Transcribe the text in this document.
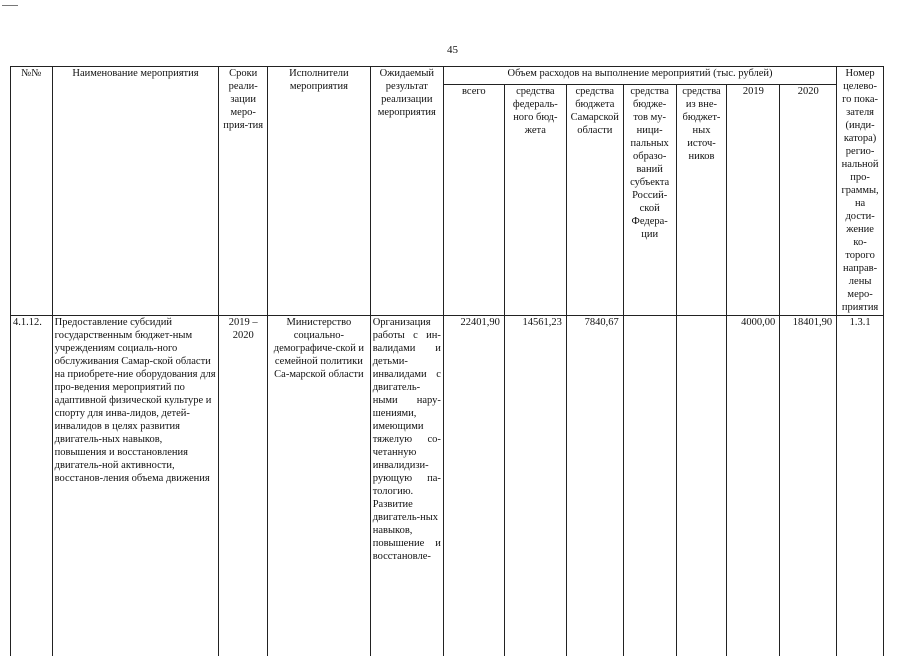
45
№№	Наименование мероприятия	Сроки реали-зации меро-прия-тия	Исполнители мероприятия	Ожидаемый результат реализации мероприятия	Объем расходов на выполнение мероприятий (тыс. рублей)							Номер целево-го пока-зателя (инди-катора) регио-нальной про-граммы, на дости-жение ко-торого направ-лены меро-приятия
					всего	средства федераль-ного бюд-жета	средства бюджета Самарской области	средства бюдже-тов му-ници-пальных образо-ваний субъекта Россий-ской Федера-ции	средства из вне-бюджет-ных источ-ников	2019	2020	
4.1.12.	Предоставление субсидий государственным бюджет-ным учреждениям социаль-ного обслуживания Самар-ской области на приобрете-ние оборудования для про-ведения мероприятий по адаптивной физической культуре и спорту для инва-лидов, детей-инвалидов в целях развития двигатель-ных навыков, повышения и восстановления двигатель-ной активности, восстанов-ления объема движения	2019 – 2020	Министерство социально-демографиче-ской и семейной политики Са-марской области	Организация работы с ин-валидами и детьми-инвалидами с двигатель-ными нару-шениями, имеющими тяжелую со-четанную инвалидизи-рующую па-тологию. Развитие двигатель-ных навыков, повышение и восстановле-	22401,90	14561,23	7840,67			4000,00	18401,90	1.3.1
